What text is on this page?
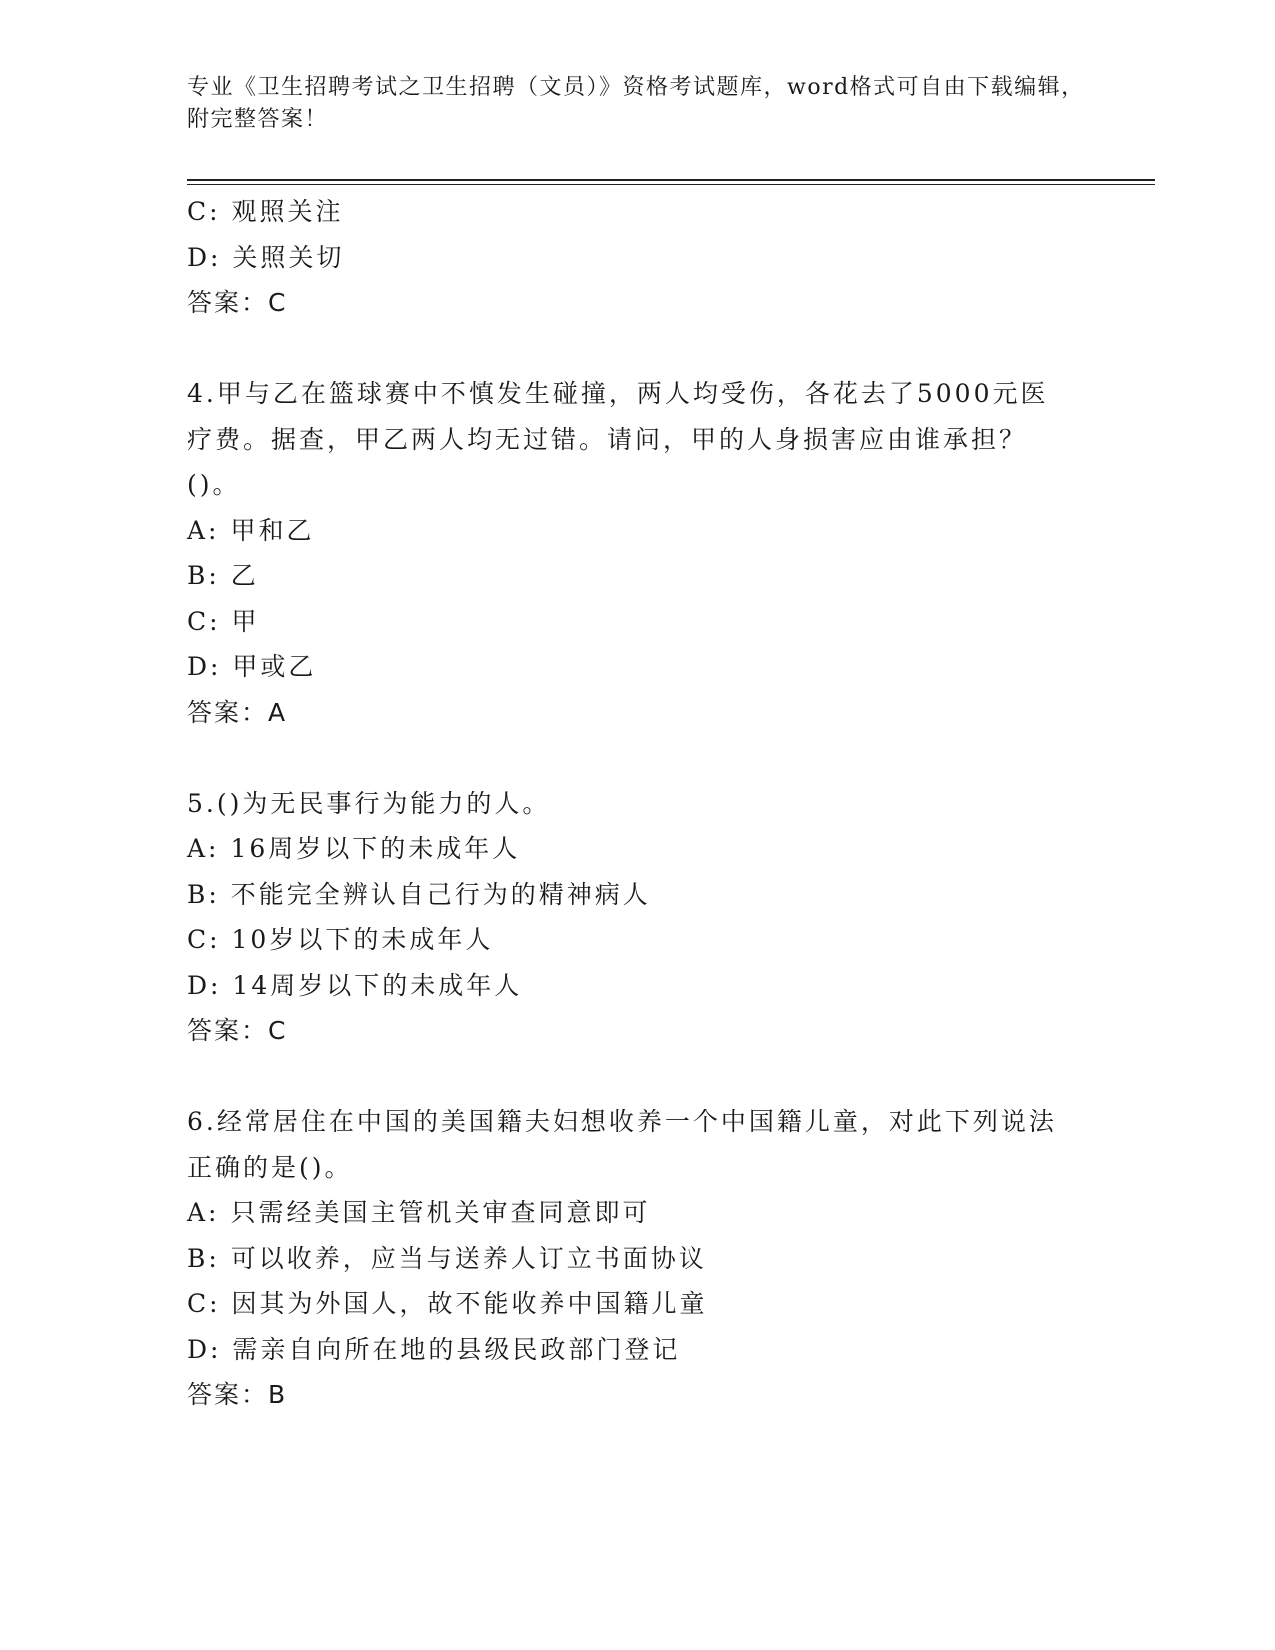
专业《卫生招聘考试之卫生招聘（文员）》资格考试题库，word格式可自由下载编辑，附完整答案！
C: 观照关注
D: 关照关切
答案：C
4.甲与乙在篮球赛中不慎发生碰撞，两人均受伤，各花去了5000元医疗费。据查，甲乙两人均无过错。请问，甲的人身损害应由谁承担？()。
A: 甲和乙
B: 乙
C: 甲
D: 甲或乙
答案：A
5.()为无民事行为能力的人。
A: 16周岁以下的未成年人
B: 不能完全辨认自己行为的精神病人
C: 10岁以下的未成年人
D: 14周岁以下的未成年人
答案：C
6.经常居住在中国的美国籍夫妇想收养一个中国籍儿童，对此下列说法正确的是()。
A: 只需经美国主管机关审查同意即可
B: 可以收养，应当与送养人订立书面协议
C: 因其为外国人，故不能收养中国籍儿童
D: 需亲自向所在地的县级民政部门登记
答案：B
